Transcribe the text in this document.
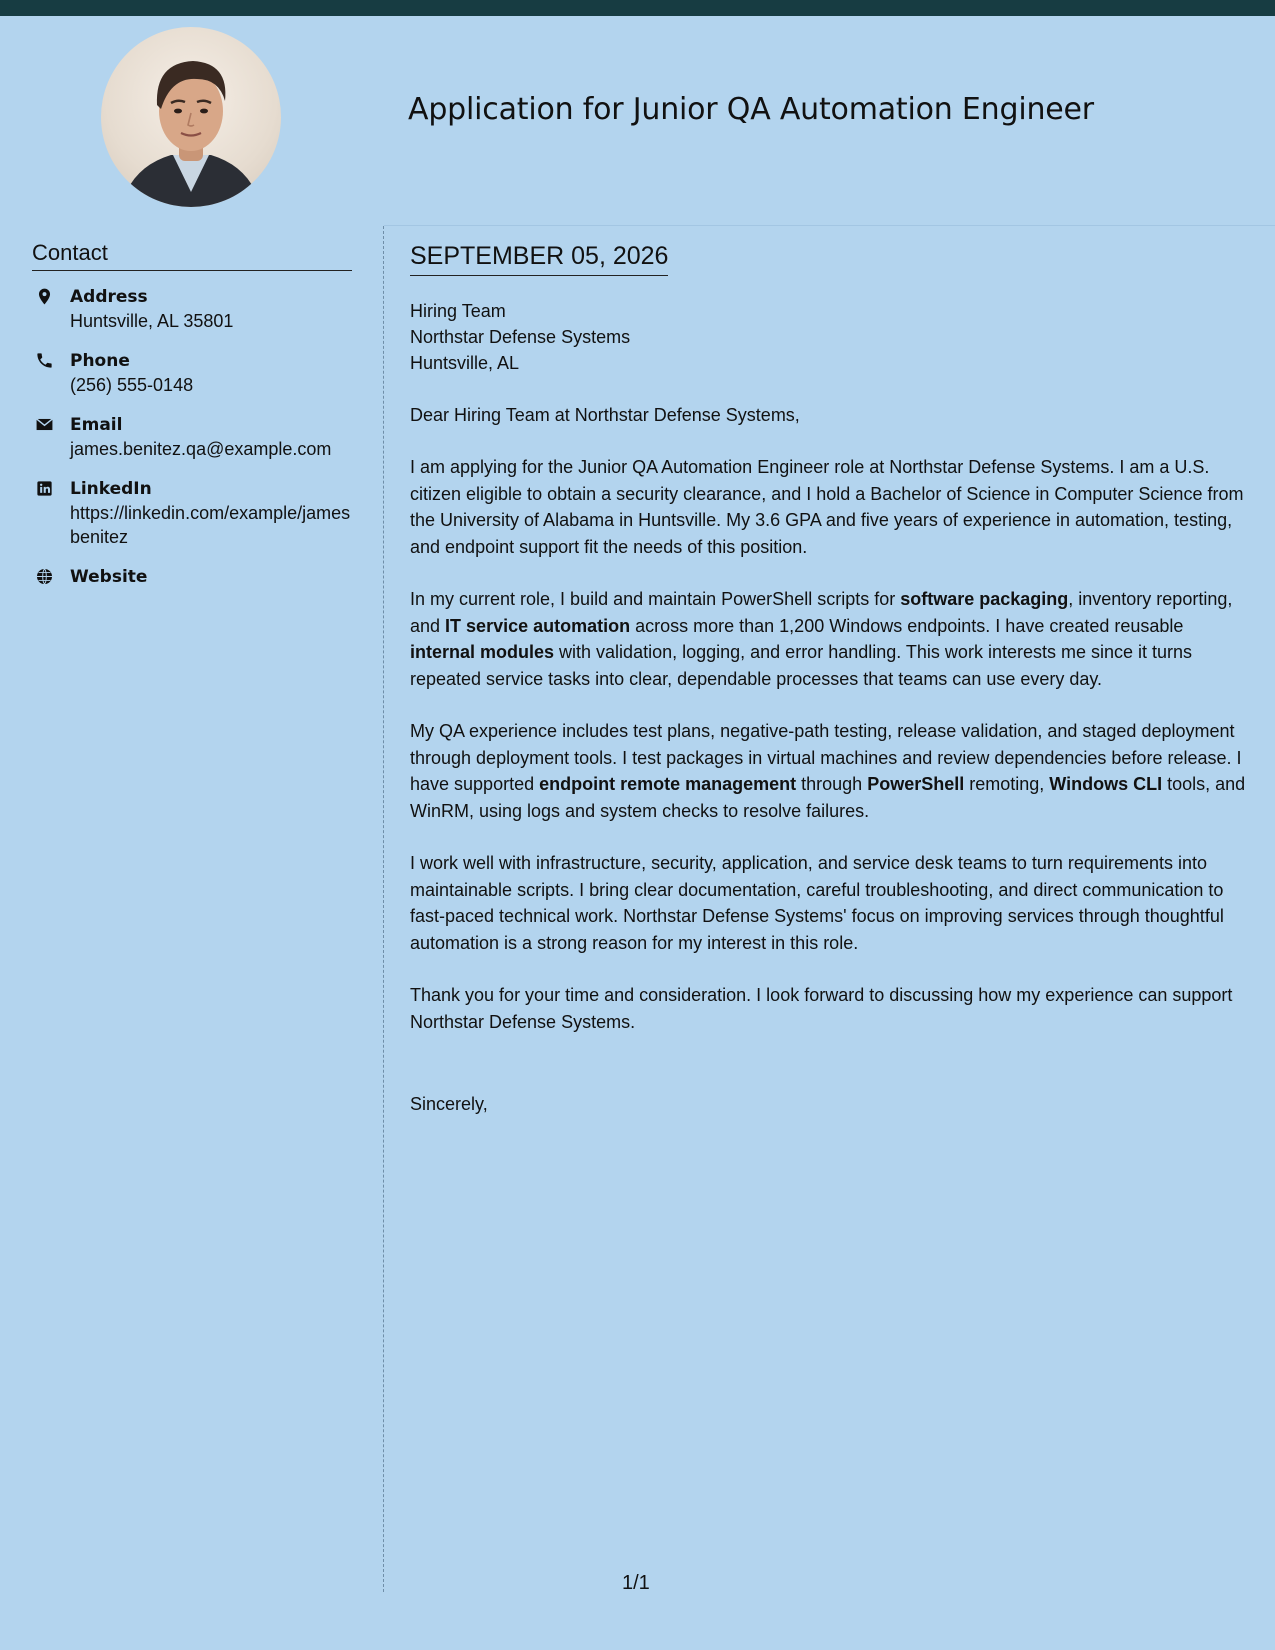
Application for Junior QA Automation Engineer
Contact
Address
Huntsville, AL 35801
Phone
(256) 555-0148
Email
james.benitez.qa@example.com
LinkedIn
https://linkedin.com/example/jamesbenitez
Website
SEPTEMBER 05, 2026
Hiring Team
Northstar Defense Systems
Huntsville, AL
Dear Hiring Team at Northstar Defense Systems,

I am applying for the Junior QA Automation Engineer role at Northstar Defense Systems. I am a U.S. citizen eligible to obtain a security clearance, and I hold a Bachelor of Science in Computer Science from the University of Alabama in Huntsville. My 3.6 GPA and five years of experience in automation, testing, and endpoint support fit the needs of this position.

In my current role, I build and maintain PowerShell scripts for software packaging, inventory reporting, and IT service automation across more than 1,200 Windows endpoints. I have created reusable internal modules with validation, logging, and error handling. This work interests me since it turns repeated service tasks into clear, dependable processes that teams can use every day.

My QA experience includes test plans, negative-path testing, release validation, and staged deployment through deployment tools. I test packages in virtual machines and review dependencies before release. I have supported endpoint remote management through PowerShell remoting, Windows CLI tools, and WinRM, using logs and system checks to resolve failures.

I work well with infrastructure, security, application, and service desk teams to turn requirements into maintainable scripts. I bring clear documentation, careful troubleshooting, and direct communication to fast-paced technical work. Northstar Defense Systems' focus on improving services through thoughtful automation is a strong reason for my interest in this role.

Thank you for your time and consideration. I look forward to discussing how my experience can support Northstar Defense Systems.

Sincerely,
1/1
